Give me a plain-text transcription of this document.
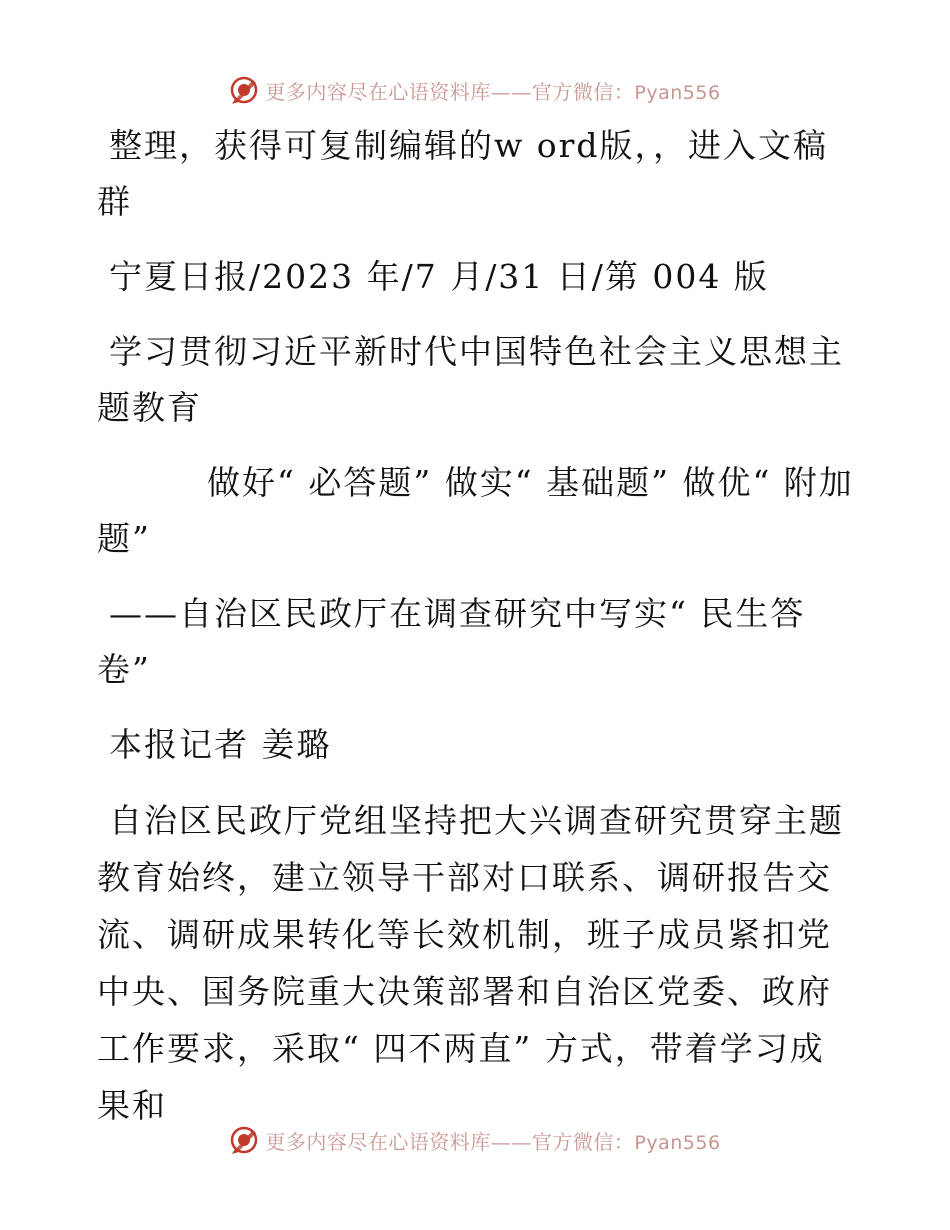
更多内容尽在心语资料库——官方微信：Pyan556

整理，获得可复制编辑的w ord版，，进入文稿群

宁夏日报/2023 年/7 月/31 日/第 004 版

学习贯彻习近平新时代中国特色社会主义思想主题教育

做好“ 必答题” 做实“ 基础题” 做优“ 附加题”

——自治区民政厅在调查研究中写实“ 民生答卷”

本报记者 姜璐

自治区民政厅党组坚持把大兴调查研究贯穿主题教育始终，建立领导干部对口联系、调研报告交流、调研成果转化等长效机制，班子成员紧扣党中央、国务院重大决策部署和自治区党委、政府工作要求，采取“ 四不两直” 方式，带着学习成果和

更多内容尽在心语资料库——官方微信：Pyan556
